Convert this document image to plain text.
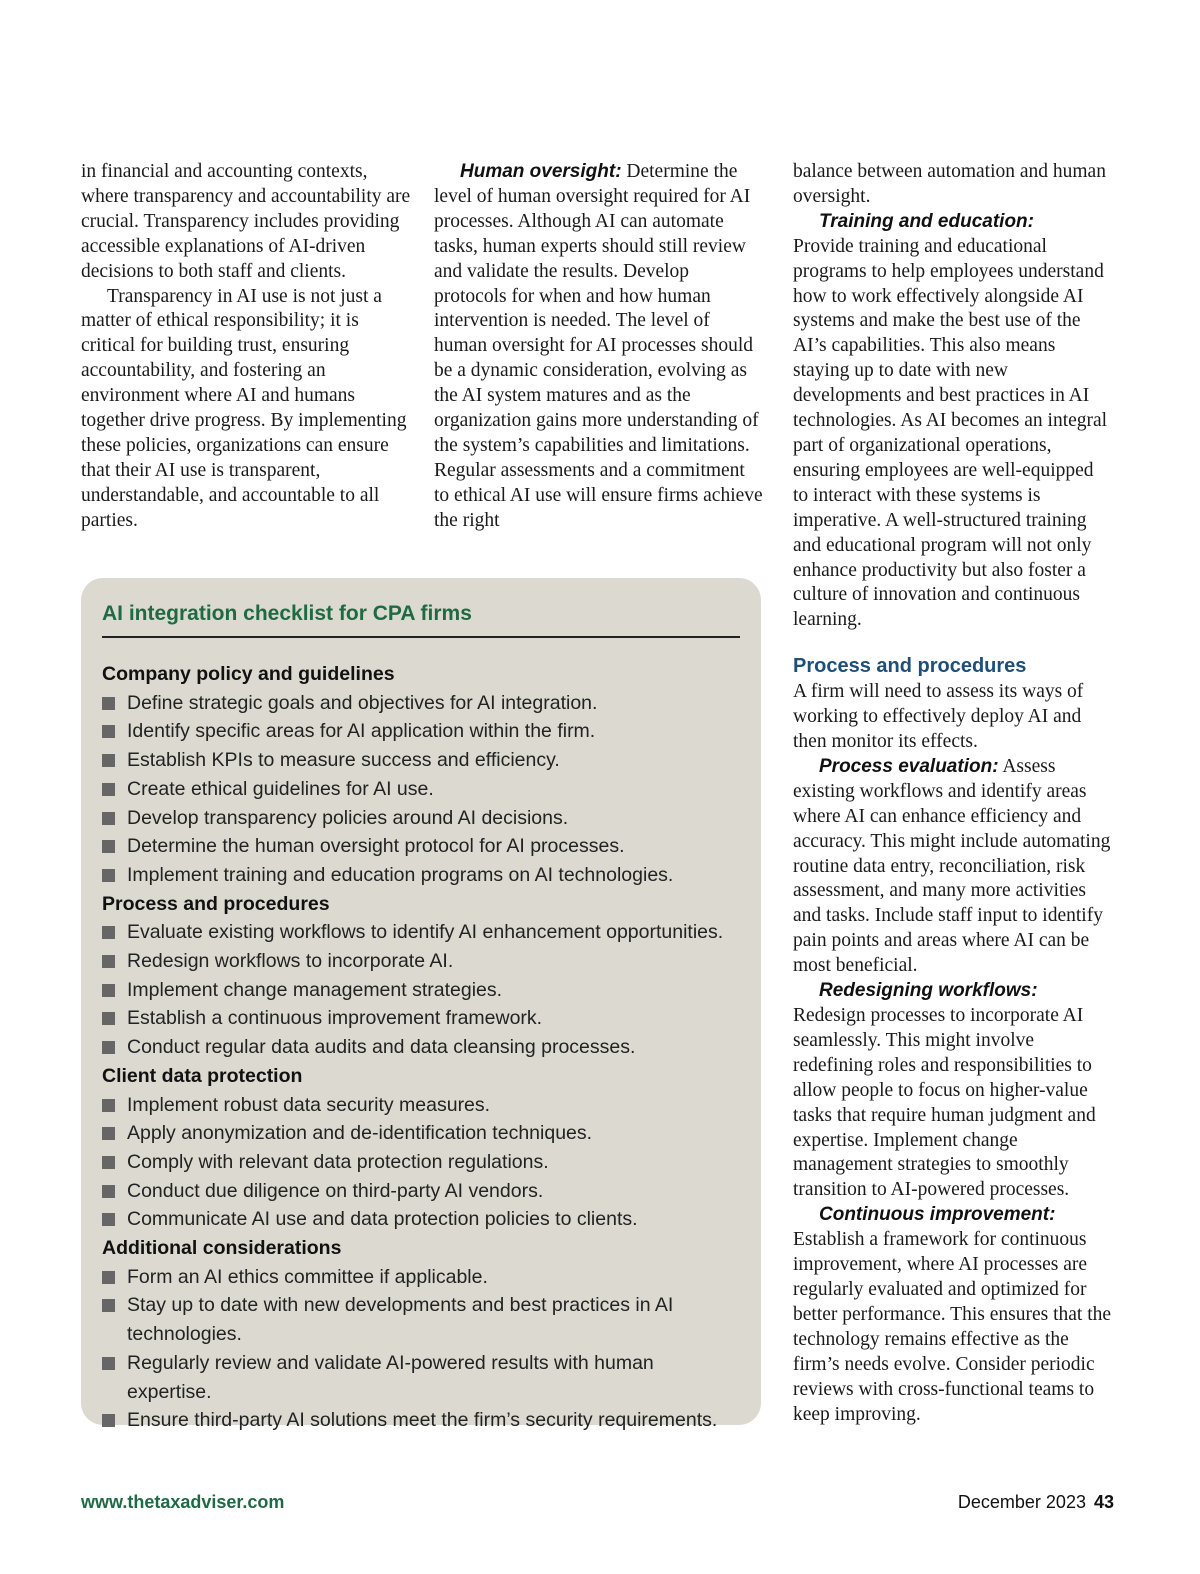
in financial and accounting contexts, where transparency and accountability are crucial. Transparency includes providing accessible explanations of AI-driven decisions to both staff and clients.

Transparency in AI use is not just a matter of ethical responsibility; it is critical for building trust, ensuring accountability, and fostering an environment where AI and humans together drive progress. By implementing these policies, organizations can ensure that their AI use is transparent, understandable, and accountable to all parties.

Human oversight: Determine the level of human oversight required for AI processes. Although AI can automate tasks, human experts should still review and validate the results. Develop protocols for when and how human intervention is needed. The level of human oversight for AI processes should be a dynamic consideration, evolving as the AI system matures and as the organization gains more understanding of the system’s capabilities and limitations. Regular assessments and a commitment to ethical AI use will ensure firms achieve the right

balance between automation and human oversight.

Training and education:
Provide training and educational programs to help employees understand how to work effectively alongside AI systems and make the best use of the AI’s capabilities. This also means staying up to date with new developments and best practices in AI technologies. As AI becomes an integral part of organizational operations, ensuring employees are well-equipped to interact with these systems is imperative. A well-structured training and educational program will not only enhance productivity but also foster a culture of innovation and continuous learning.

Process and procedures

A firm will need to assess its ways of working to effectively deploy AI and then monitor its effects.

Process evaluation: Assess existing workflows and identify areas where AI can enhance efficiency and accuracy. This might include automating routine data entry, reconciliation, risk assessment, and many more activities and tasks. Include staff input to identify pain points and areas where AI can be most beneficial.

Redesigning workflows:
Redesign processes to incorporate AI seamlessly. This might involve redefining roles and responsibilities to allow people to focus on higher-value tasks that require human judgment and expertise. Implement change management strategies to smoothly transition to AI-powered processes.

Continuous improvement:
Establish a framework for continuous improvement, where AI processes are regularly evaluated and optimized for better performance. This ensures that the technology remains effective as the firm’s needs evolve. Consider periodic reviews with cross-functional teams to keep improving.

AI integration checklist for CPA firms
Company policy and guidelines
Define strategic goals and objectives for AI integration.
Identify specific areas for AI application within the firm.
Establish KPIs to measure success and efficiency.
Create ethical guidelines for AI use.
Develop transparency policies around AI decisions.
Determine the human oversight protocol for AI processes.
Implement training and education programs on AI technologies.
Process and procedures
Evaluate existing workflows to identify AI enhancement opportunities.
Redesign workflows to incorporate AI.
Implement change management strategies.
Establish a continuous improvement framework.
Conduct regular data audits and data cleansing processes.
Client data protection
Implement robust data security measures.
Apply anonymization and de-identification techniques.
Comply with relevant data protection regulations.
Conduct due diligence on third-party AI vendors.
Communicate AI use and data protection policies to clients.
Additional considerations
Form an AI ethics committee if applicable.
Stay up to date with new developments and best practices in AI technologies.
Regularly review and validate AI-powered results with human expertise.
Ensure third-party AI solutions meet the firm’s security requirements.
www.thetaxadviser.com	December 2023 43
